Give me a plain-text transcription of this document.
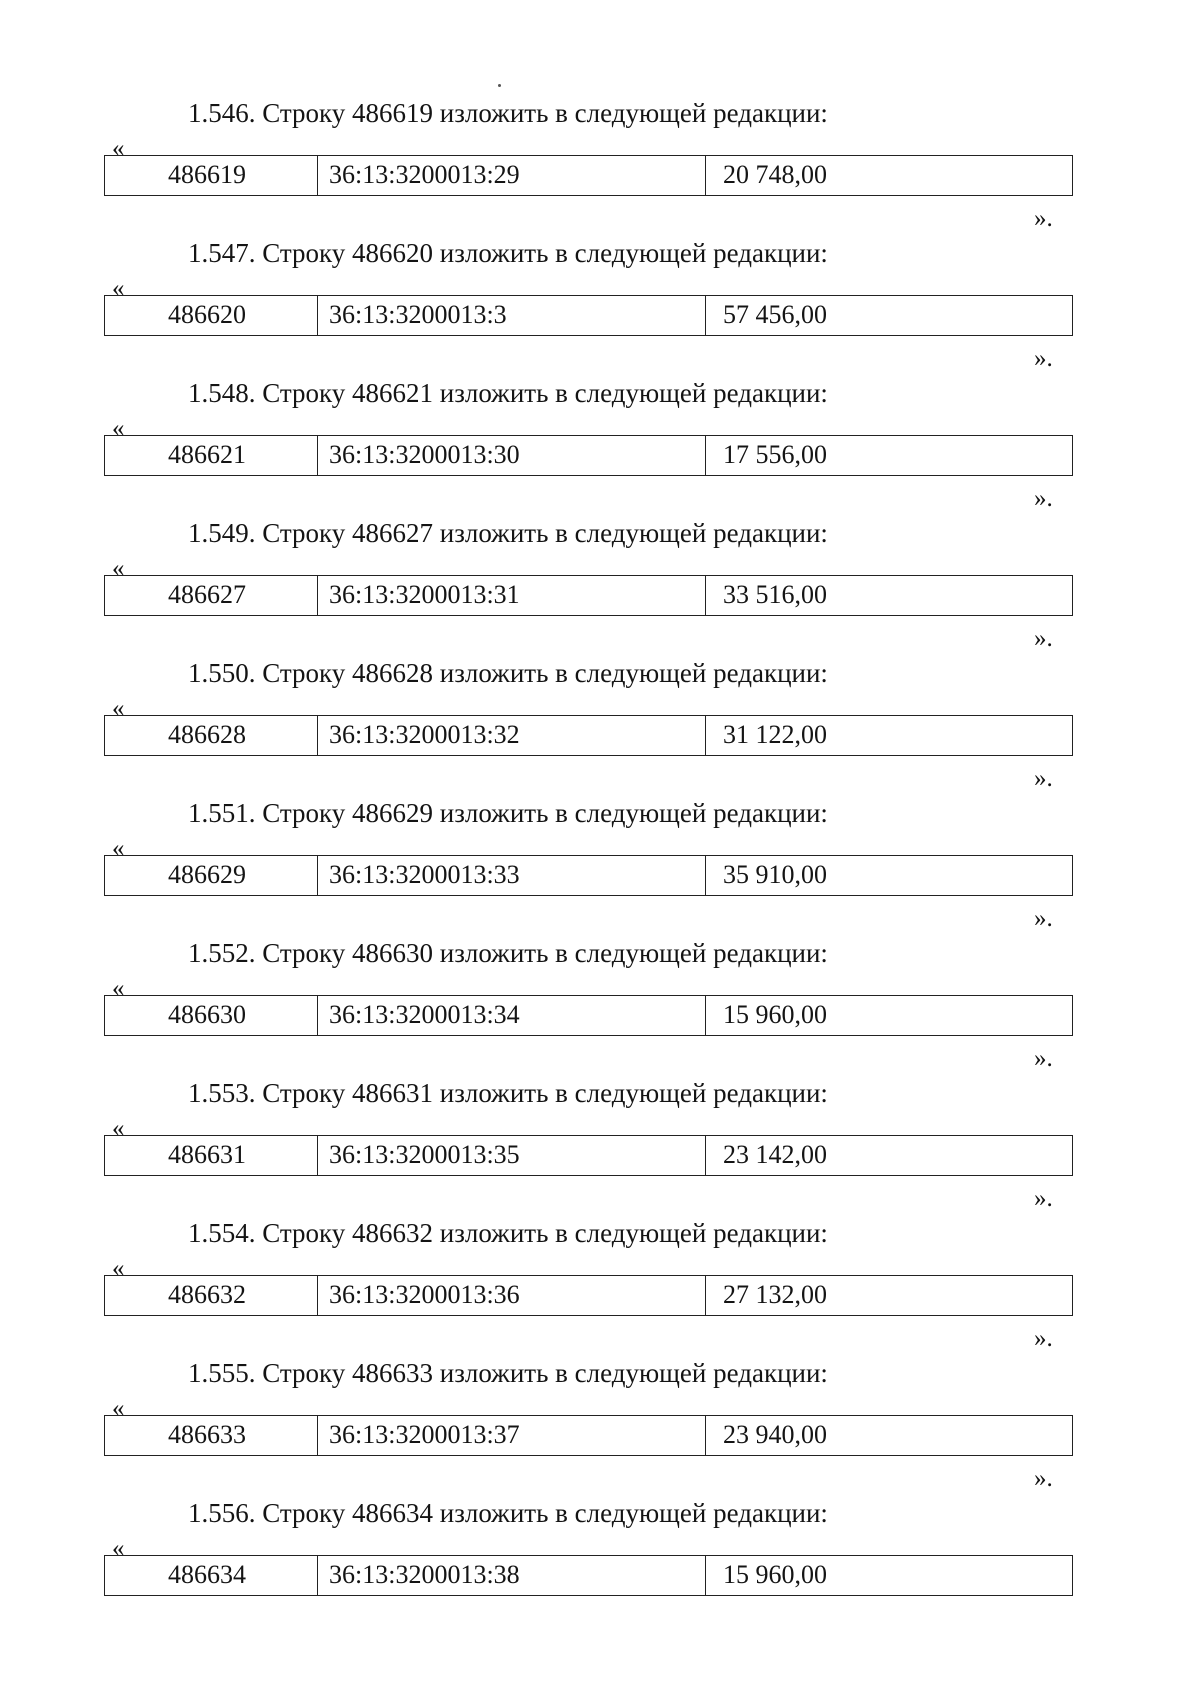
1.546. Строку 486619 изложить в следующей редакции:
«
486619	36:13:3200013:29	20 748,00
».
1.547. Строку 486620 изложить в следующей редакции:
«
486620	36:13:3200013:3	57 456,00
».
1.548. Строку 486621 изложить в следующей редакции:
«
486621	36:13:3200013:30	17 556,00
».
1.549. Строку 486627 изложить в следующей редакции:
«
486627	36:13:3200013:31	33 516,00
».
1.550. Строку 486628 изложить в следующей редакции:
«
486628	36:13:3200013:32	31 122,00
».
1.551. Строку 486629 изложить в следующей редакции:
«
486629	36:13:3200013:33	35 910,00
».
1.552. Строку 486630 изложить в следующей редакции:
«
486630	36:13:3200013:34	15 960,00
».
1.553. Строку 486631 изложить в следующей редакции:
«
486631	36:13:3200013:35	23 142,00
».
1.554. Строку 486632 изложить в следующей редакции:
«
486632	36:13:3200013:36	27 132,00
».
1.555. Строку 486633 изложить в следующей редакции:
«
486633	36:13:3200013:37	23 940,00
».
1.556. Строку 486634 изложить в следующей редакции:
«
486634	36:13:3200013:38	15 960,00
